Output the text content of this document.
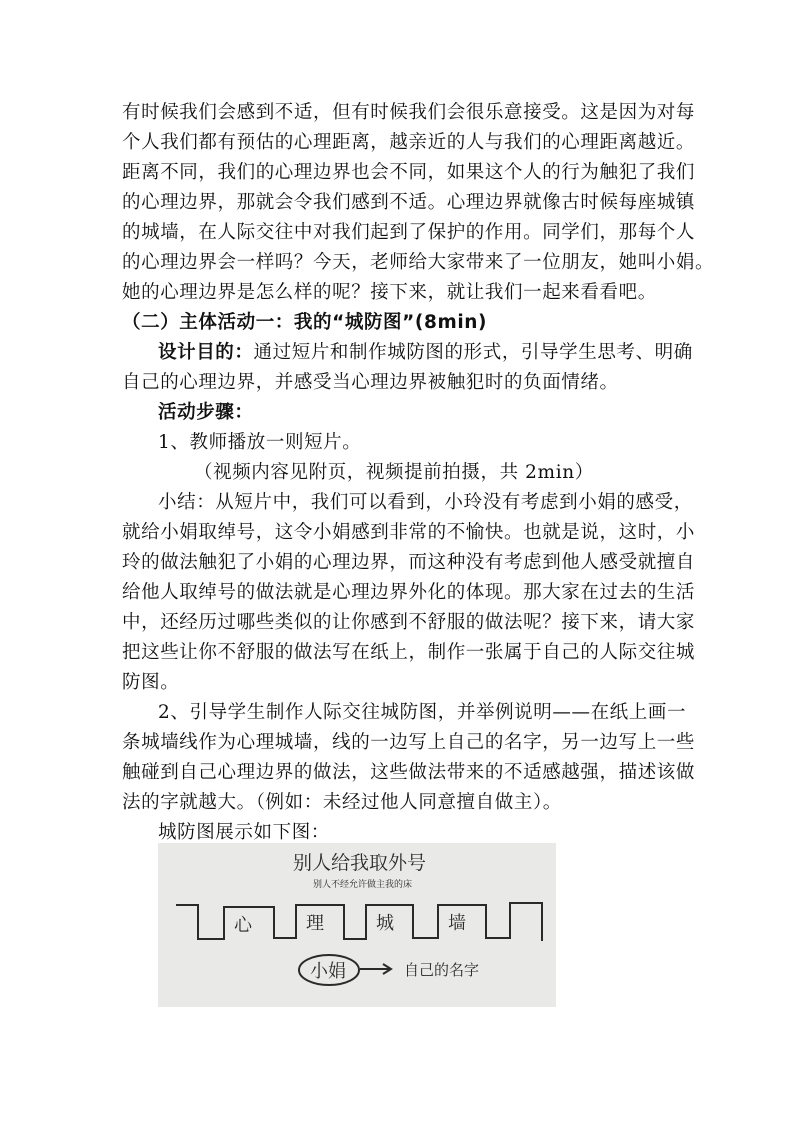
有时候我们会感到不适，但有时候我们会很乐意接受。这是因为对每
个人我们都有预估的心理距离，越亲近的人与我们的心理距离越近。
距离不同，我们的心理边界也会不同，如果这个人的行为触犯了我们
的心理边界，那就会令我们感到不适。心理边界就像古时候每座城镇
的城墙，在人际交往中对我们起到了保护的作用。同学们，那每个人
的心理边界会一样吗？今天，老师给大家带来了一位朋友，她叫小娟。
她的心理边界是怎么样的呢？接下来，就让我们一起来看看吧。
（二）主体活动一：我的“城防图”(8min)
设计目的：通过短片和制作城防图的形式，引导学生思考、明确
自己的心理边界，并感受当心理边界被触犯时的负面情绪。
活动步骤：
1、教师播放一则短片。
（视频内容见附页，视频提前拍摄，共 2min）
小结：从短片中，我们可以看到，小玲没有考虑到小娟的感受，
就给小娟取绰号，这令小娟感到非常的不愉快。也就是说，这时，小
玲的做法触犯了小娟的心理边界，而这种没有考虑到他人感受就擅自
给他人取绰号的做法就是心理边界外化的体现。那大家在过去的生活
中，还经历过哪些类似的让你感到不舒服的做法呢？接下来，请大家
把这些让你不舒服的做法写在纸上，制作一张属于自己的人际交往城
防图。
2、引导学生制作人际交往城防图，并举例说明——在纸上画一
条城墙线作为心理城墙，线的一边写上自己的名字，另一边写上一些
触碰到自己心理边界的做法，这些做法带来的不适感越强，描述该做
法的字就越大。（例如：未经过他人同意擅自做主）。
城防图展示如下图：
别人给我取外号
别人不经允许做主我的床
心	理	城	墙
小娟	自己的名字
